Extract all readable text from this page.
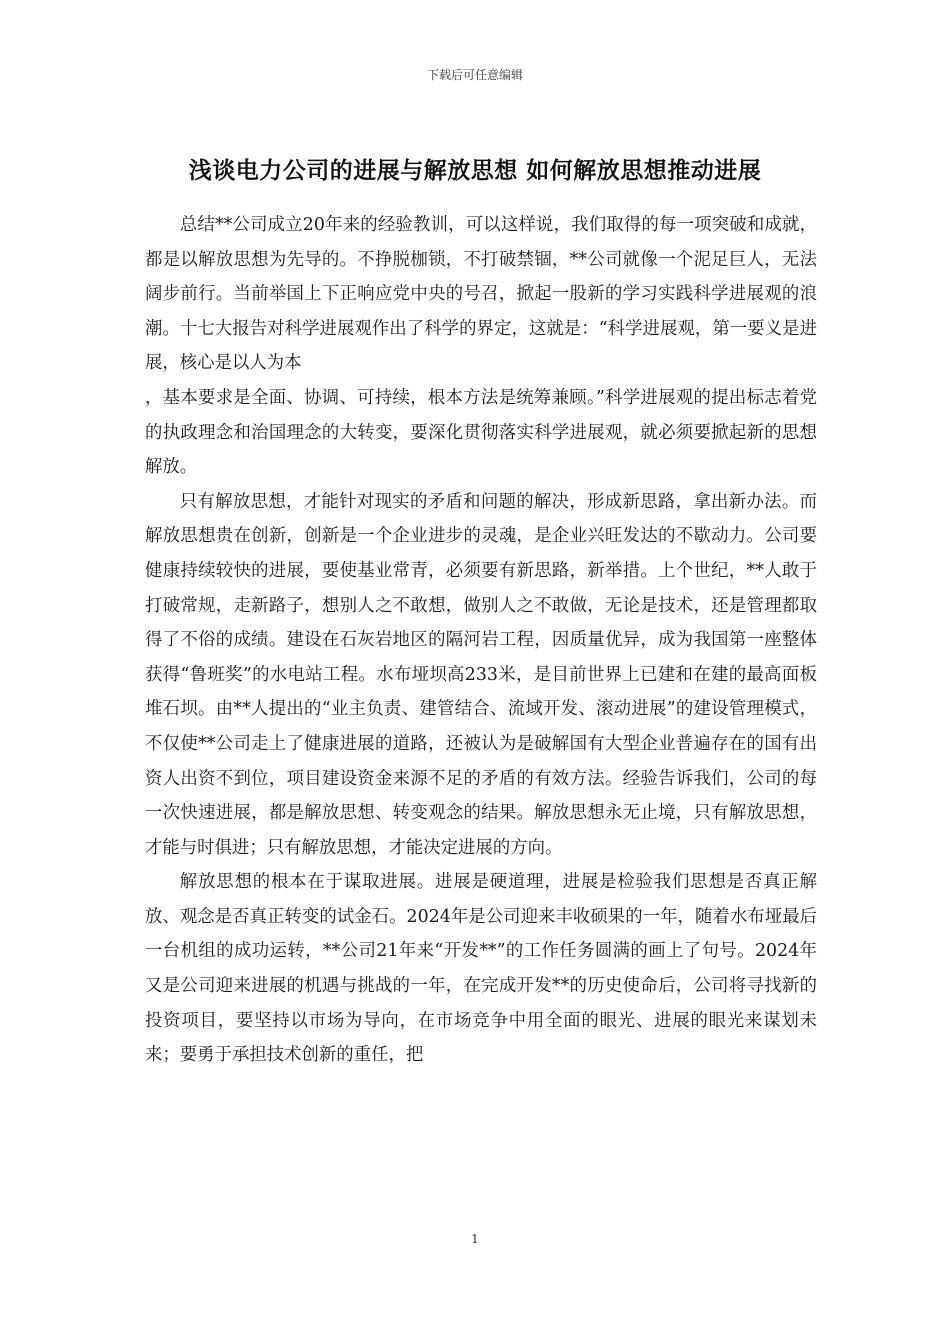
下载后可任意编辑
浅谈电力公司的进展与解放思想 如何解放思想推动进展

总结**公司成立20年来的经验教训，可以这样说，我们取得的每一项突破和成就，都是以解放思想为先导的。不挣脱枷锁，不打破禁锢，**公司就像一个泥足巨人，无法阔步前行。当前举国上下正响应党中央的号召，掀起一股新的学习实践科学进展观的浪潮。十七大报告对科学进展观作出了科学的界定，这就是：“科学进展观，第一要义是进展，核心是以人为本

，基本要求是全面、协调、可持续，根本方法是统筹兼顾。”科学进展观的提出标志着党的执政理念和治国理念的大转变，要深化贯彻落实科学进展观，就必须要掀起新的思想解放。

只有解放思想，才能针对现实的矛盾和问题的解决，形成新思路，拿出新办法。而解放思想贵在创新，创新是一个企业进步的灵魂，是企业兴旺发达的不歇动力。公司要健康持续较快的进展，要使基业常青，必须要有新思路，新举措。上个世纪，**人敢于打破常规，走新路子，想别人之不敢想，做别人之不敢做，无论是技术，还是管理都取得了不俗的成绩。建设在石灰岩地区的隔河岩工程，因质量优异，成为我国第一座整体获得“鲁班奖”的水电站工程。水布垭坝高233米，是目前世界上已建和在建的最高面板堆石坝。由**人提出的“业主负责、建管结合、流域开发、滚动进展”的建设管理模式，不仅使**公司走上了健康进展的道路，还被认为是破解国有大型企业普遍存在的国有出资人出资不到位，项目建设资金来源不足的矛盾的有效方法。经验告诉我们，公司的每一次快速进展，都是解放思想、转变观念的结果。解放思想永无止境，只有解放思想，才能与时俱进；只有解放思想，才能决定进展的方向。

解放思想的根本在于谋取进展。进展是硬道理，进展是检验我们思想是否真正解放、观念是否真正转变的试金石。2024年是公司迎来丰收硕果的一年，随着水布垭最后一台机组的成功运转，**公司21年来“开发**”的工作任务圆满的画上了句号。2024年又是公司迎来进展的机遇与挑战的一年，在完成开发**的历史使命后，公司将寻找新的投资项目，要坚持以市场为导向，在市场竞争中用全面的眼光、进展的眼光来谋划未来；要勇于承担技术创新的重任，把

1
